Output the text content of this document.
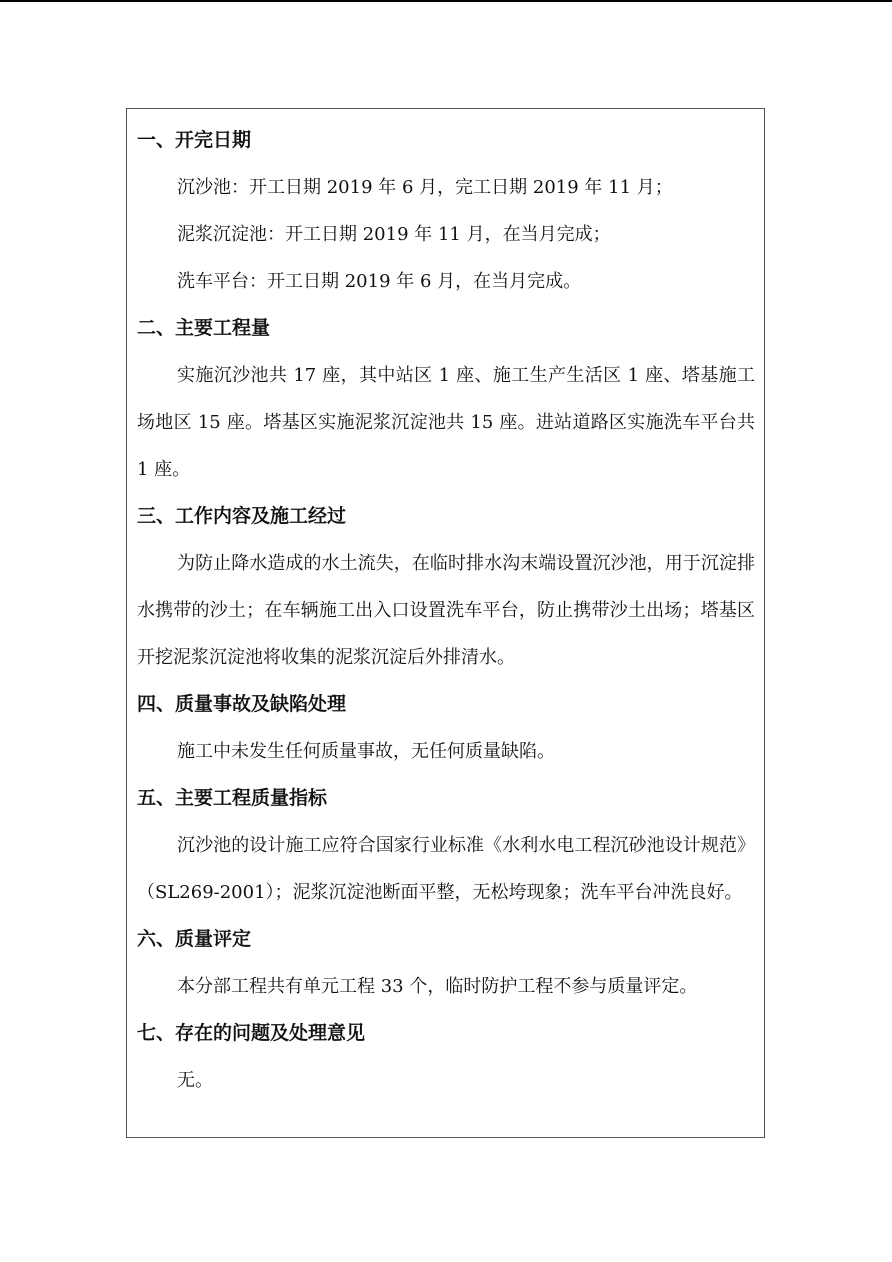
一、开完日期

沉沙池：开工日期 2019 年 6 月，完工日期 2019 年 11 月；

泥浆沉淀池：开工日期 2019 年 11 月，在当月完成；

洗车平台：开工日期 2019 年 6 月，在当月完成。

二、主要工程量

实施沉沙池共 17 座，其中站区 1 座、施工生产生活区 1 座、塔基施工场地区 15 座。塔基区实施泥浆沉淀池共 15 座。进站道路区实施洗车平台共 1 座。

三、工作内容及施工经过

为防止降水造成的水土流失，在临时排水沟末端设置沉沙池，用于沉淀排水携带的沙土；在车辆施工出入口设置洗车平台，防止携带沙土出场；塔基区开挖泥浆沉淀池将收集的泥浆沉淀后外排清水。

四、质量事故及缺陷处理

施工中未发生任何质量事故，无任何质量缺陷。

五、主要工程质量指标

沉沙池的设计施工应符合国家行业标准《水利水电工程沉砂池设计规范》（SL269-2001）；泥浆沉淀池断面平整，无松垮现象；洗车平台冲洗良好。

六、质量评定

本分部工程共有单元工程 33 个，临时防护工程不参与质量评定。

七、存在的问题及处理意见

无。
